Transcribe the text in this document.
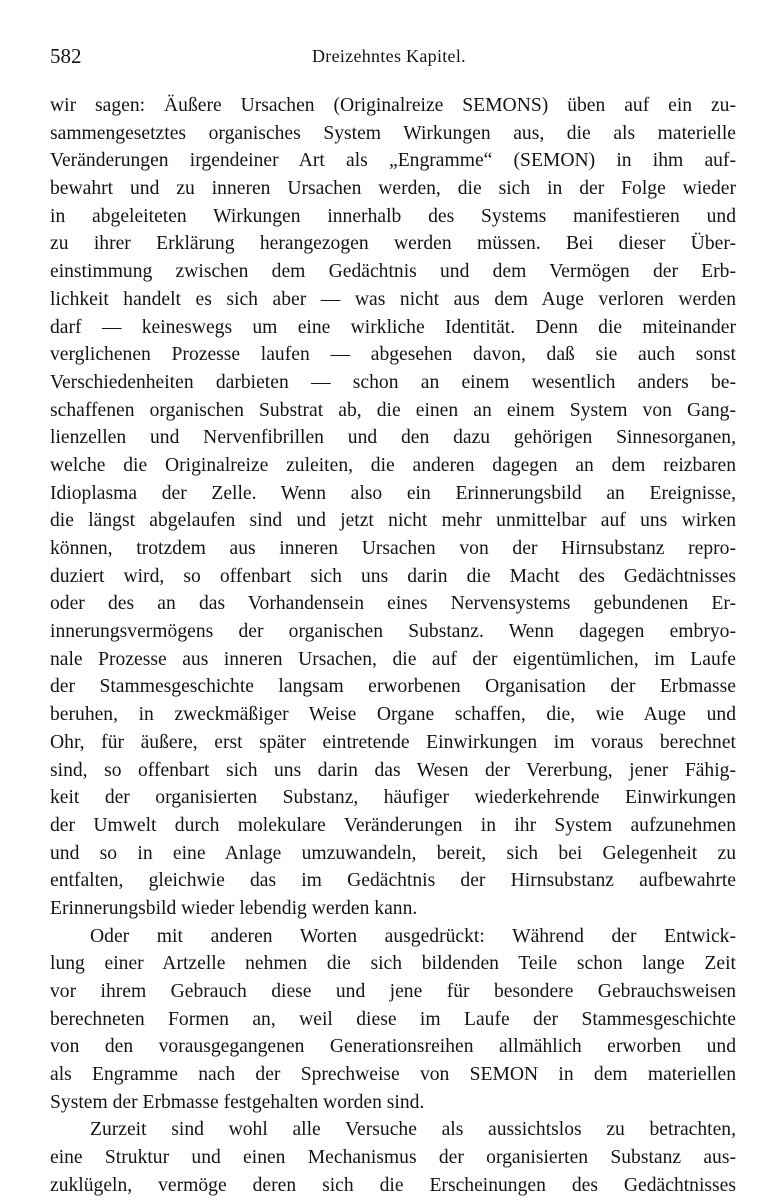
582	Dreizehntes Kapitel.
wir sagen: Äußere Ursachen (Originalreize SEMONS) üben auf ein zu-
sammengesetztes organisches System Wirkungen aus, die als materielle
Veränderungen irgendeiner Art als „Engramme“ (SEMON) in ihm auf-
bewahrt und zu inneren Ursachen werden, die sich in der Folge wieder
in abgeleiteten Wirkungen innerhalb des Systems manifestieren und
zu ihrer Erklärung herangezogen werden müssen. Bei dieser Über-
einstimmung zwischen dem Gedächtnis und dem Vermögen der Erb-
lichkeit handelt es sich aber — was nicht aus dem Auge verloren werden
darf — keineswegs um eine wirkliche Identität. Denn die miteinander
verglichenen Prozesse laufen — abgesehen davon, daß sie auch sonst
Verschiedenheiten darbieten — schon an einem wesentlich anders be-
schaffenen organischen Substrat ab, die einen an einem System von Gang-
lienzellen und Nervenfibrillen und den dazu gehörigen Sinnesorganen,
welche die Originalreize zuleiten, die anderen dagegen an dem reizbaren
Idioplasma der Zelle. Wenn also ein Erinnerungsbild an Ereignisse,
die längst abgelaufen sind und jetzt nicht mehr unmittelbar auf uns wirken
können, trotzdem aus inneren Ursachen von der Hirnsubstanz repro-
duziert wird, so offenbart sich uns darin die Macht des Gedächtnisses
oder des an das Vorhandensein eines Nervensystems gebundenen Er-
innerungsvermögens der organischen Substanz. Wenn dagegen embryo-
nale Prozesse aus inneren Ursachen, die auf der eigentümlichen, im Laufe
der Stammesgeschichte langsam erworbenen Organisation der Erbmasse
beruhen, in zweckmäßiger Weise Organe schaffen, die, wie Auge und
Ohr, für äußere, erst später eintretende Einwirkungen im voraus berechnet
sind, so offenbart sich uns darin das Wesen der Vererbung, jener Fähig-
keit der organisierten Substanz, häufiger wiederkehrende Einwirkungen
der Umwelt durch molekulare Veränderungen in ihr System aufzunehmen
und so in eine Anlage umzuwandeln, bereit, sich bei Gelegenheit zu
entfalten, gleichwie das im Gedächtnis der Hirnsubstanz aufbewahrte
Erinnerungsbild wieder lebendig werden kann.
Oder mit anderen Worten ausgedrückt: Während der Entwick-
lung einer Artzelle nehmen die sich bildenden Teile schon lange Zeit
vor ihrem Gebrauch diese und jene für besondere Gebrauchsweisen
berechneten Formen an, weil diese im Laufe der Stammesgeschichte
von den vorausgegangenen Generationsreihen allmählich erworben und
als Engramme nach der Sprechweise von SEMON in dem materiellen
System der Erbmasse festgehalten worden sind.
Zurzeit sind wohl alle Versuche als aussichtslos zu betrachten,
eine Struktur und einen Mechanismus der organisierten Substanz aus-
zuklügeln, vermöge deren sich die Erscheinungen des Gedächtnisses
